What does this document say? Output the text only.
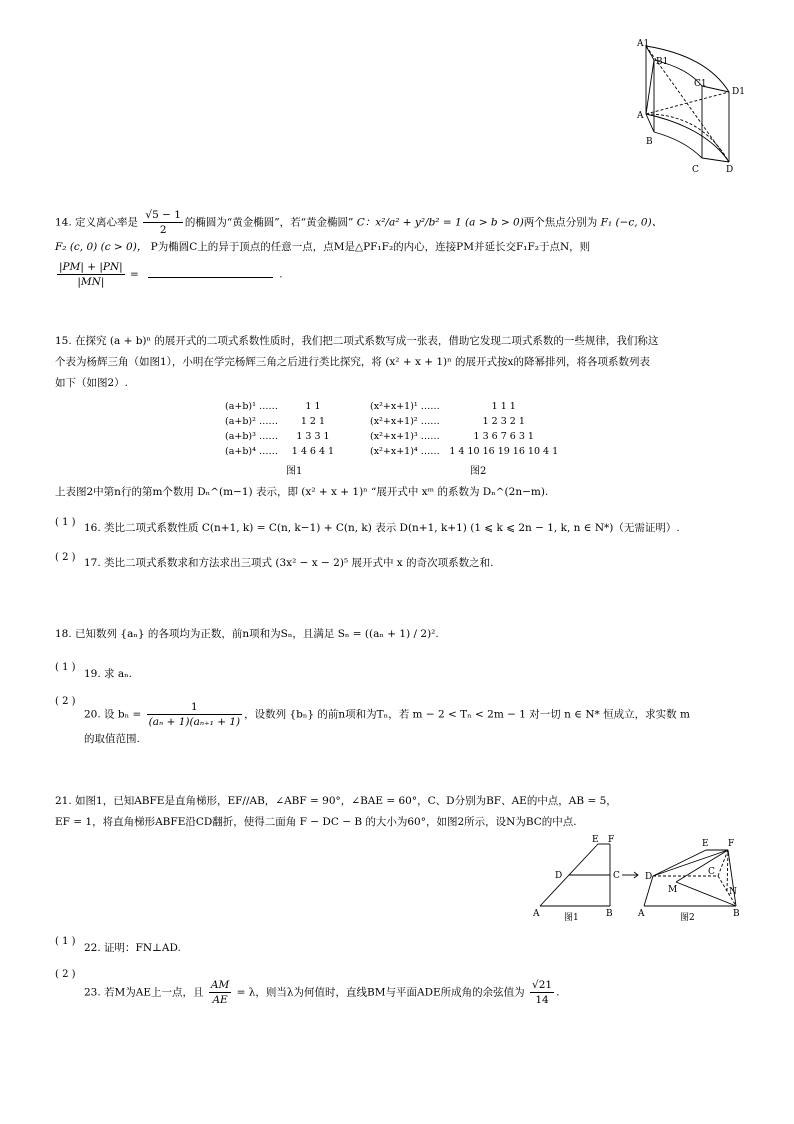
A1
B1
C1
D1
A
B
C	D
14. 定义离心率是 $\frac{√5 - 1}{2}$ 的椭圆为“黄金椭圆”，若“黄金椭圆” C：x²/a² + y²/b² = 1 (a > b > 0)两个焦点分别为 F₁ (−c, 0)、
F₂ (c, 0) (c > 0)， P为椭圆C上的异于顶点的任意一点，点M是△PF₁F₂的内心，连接PM并延长交F₁F₂于点N，则
$\frac{|PM| + |PN|}{|MN|}$ =	.
15. 在探究 (a + b)ⁿ 的展开式的二项式系数性质时，我们把二项式系数写成一张表，借助它发现二项式系数的一些规律，我们称这
个表为杨辉三角（如图1），小明在学完杨辉三角之后进行类比探究，将 (x² + x + 1)ⁿ 的展开式按x的降幂排列，将各项系数列表
如下（如图2）.
(a+b)¹ ……	1 1
(a+b)² …… 1 2 1
(a+b)³ …… 1 3 3 1
(a+b)⁴ …… 1 4 6 4 1
图1
(x²+x+1)¹ ……	1 1 1
(x²+x+1)² ……	1 2 3 2 1
(x²+x+1)³ ……	1 3 6 7 6 3 1
(x²+x+1)⁴ …… 1 4 10 16 19 16 10 4 1
图2
上表图2中第n行的第m个数用 Dₙ^(m−1) 表示，即 (x² + x + 1)ⁿ “展开式中 xᵐ 的系数为 Dₙ^(2n−m).
( 1 ) 16. 类比二项式系数性质 C(n+1, k) = C(n, k−1) + C(n, k) 表示 D(n+1, k+1) (1 ⩽ k ⩽ 2n − 1, k, n ∈ N*)（无需证明）.
( 2 ) 17. 类比二项式系数求和方法求出三项式 (3x² − x − 2)⁵ 展开式中 x 的奇次项系数之和.
18. 已知数列 {aₙ} 的各项均为正数，前n项和为Sₙ，且满足 Sₙ = ((aₙ + 1) / 2)².
( 1 )
19. 求 aₙ.
( 2 )
20. 设 $b_n = \frac{1}{\text{(aₙ + 1)(aₙ₊₁ + 1)}}$ ，设数列 {bₙ} 的前n项和为Tₙ，若 m − 2 < Tₙ < 2m − 1 对一切 n ∈ N* 恒成立，求实数 m
的取值范围.
21. 如图1，已知ABFE是直角梯形，EF//AB，∠ABF = 90°，∠BAE = 60°，C、D分别为BF、AE的中点，AB = 5，
EF = 1，将直角梯形ABFE沿CD翻折，使得二面角 F − DC − B 的大小为60°，如图2所示，设N为BC的中点.
E F
D	C
A	B
图1
E F
D	C
M	N
A	B
图2
( 1 )
22. 证明：FN⊥AD.
( 2 )
23. 若M为AE上一点，且 $\frac{AM}{AE} = \lambda$，则当λ为何值时，直线BM与平面ADE所成角的余弦值为 $\frac{√21}{14}$ .
